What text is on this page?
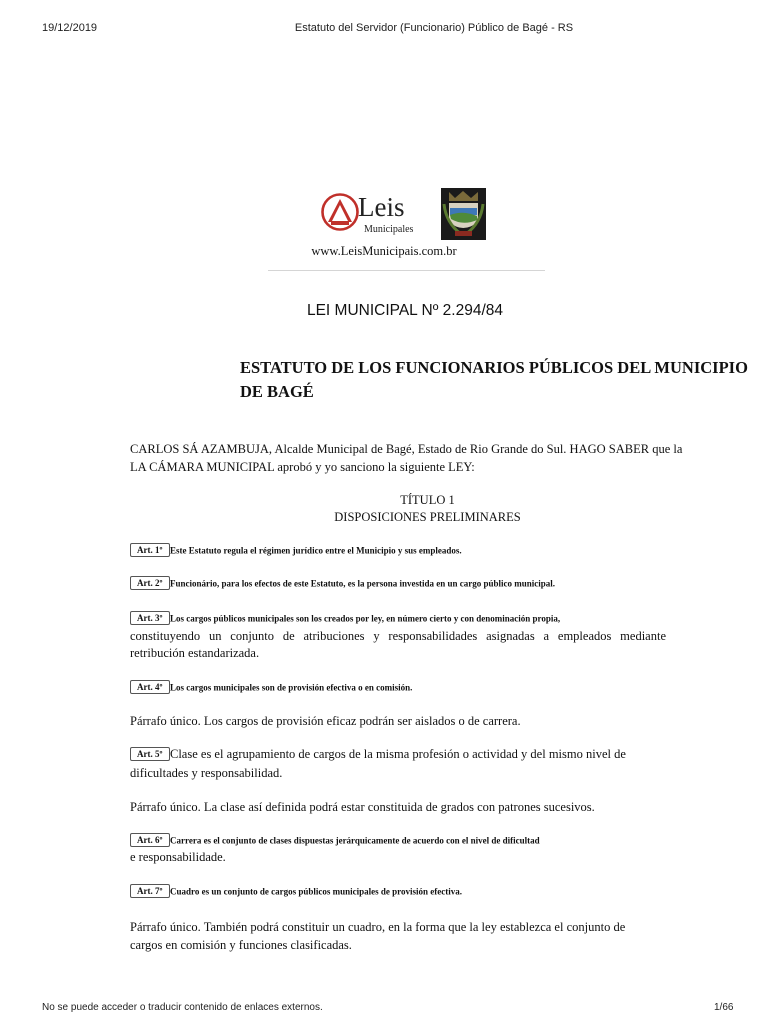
19/12/2019	Estatuto del Servidor (Funcionario) Público de Bagé - RS
Leis
Municipales
www.LeisMunicipais.com.br
LEI MUNICIPAL Nº 2.294/84
ESTATUTO DE LOS FUNCIONARIOS PÚBLICOS DEL MUNICIPIO
DE BAGÉ
CARLOS SÁ AZAMBUJA, Alcalde Municipal de Bagé, Estado de Rio Grande do Sul. HAGO SABER que la
LA CÁMARA MUNICIPAL aprobó y yo sanciono la siguiente LEY:
TÍTULO 1
DISPOSICIONES PRELIMINARES
Art. 1º Este Estatuto regula el régimen jurídico entre el Municipio y sus empleados.
Art. 2º Funcionário, para los efectos de este Estatuto, es la persona investida en un cargo público municipal.
Art. 3º Los cargos públicos municipales son los creados por ley, en número cierto y con denominación propia,
constituyendo un conjunto de atribuciones y responsabilidades asignadas a empleados mediante retribución estandarizada.
Art. 4º Los cargos municipales son de provisión efectiva o en comisión.
Párrafo único. Los cargos de provisión eficaz podrán ser aislados o de carrera.
Art. 5º Clase es el agrupamiento de cargos de la misma profesión o actividad y del mismo nivel de
dificultades y responsabilidad.
Párrafo único. La clase así definida podrá estar constituida de grados con patrones sucesivos.
Art. 6º Carrera es el conjunto de clases dispuestas jerárquicamente de acuerdo con el nivel de dificultad
e responsabilidade.
Art. 7º Cuadro es un conjunto de cargos públicos municipales de provisión efectiva.
Párrafo único. También podrá constituir un cuadro, en la forma que la ley establezca el conjunto de
cargos en comisión y funciones clasificadas.
No se puede acceder o traducir contenido de enlaces externos.	1/66
